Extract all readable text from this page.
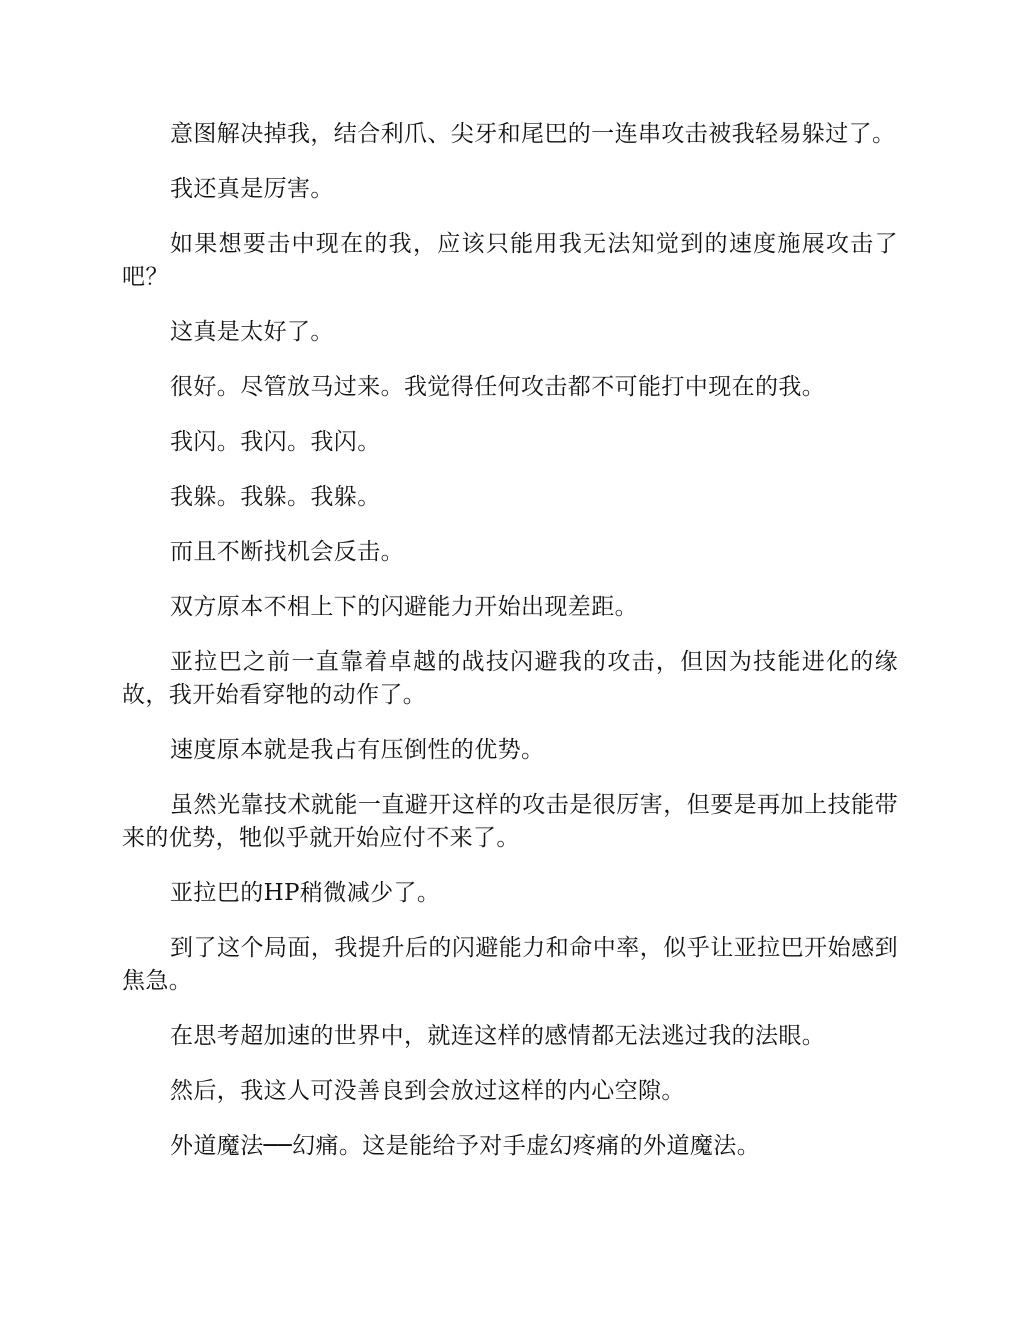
意图解决掉我，结合利爪、尖牙和尾巴的一连串攻击被我轻易躲过了。

我还真是厉害。

如果想要击中现在的我，应该只能用我无法知觉到的速度施展攻击了吧？

这真是太好了。

很好。尽管放马过来。我觉得任何攻击都不可能打中现在的我。

我闪。我闪。我闪。

我躲。我躲。我躲。

而且不断找机会反击。

双方原本不相上下的闪避能力开始出现差距。

亚拉巴之前一直靠着卓越的战技闪避我的攻击，但因为技能进化的缘故，我开始看穿牠的动作了。

速度原本就是我占有压倒性的优势。

虽然光靠技术就能一直避开这样的攻击是很厉害，但要是再加上技能带来的优势，牠似乎就开始应付不来了。

亚拉巴的HP稍微减少了。

到了这个局面，我提升后的闪避能力和命中率，似乎让亚拉巴开始感到焦急。

在思考超加速的世界中，就连这样的感情都无法逃过我的法眼。

然后，我这人可没善良到会放过这样的内心空隙。

外道魔法──幻痛。这是能给予对手虚幻疼痛的外道魔法。
